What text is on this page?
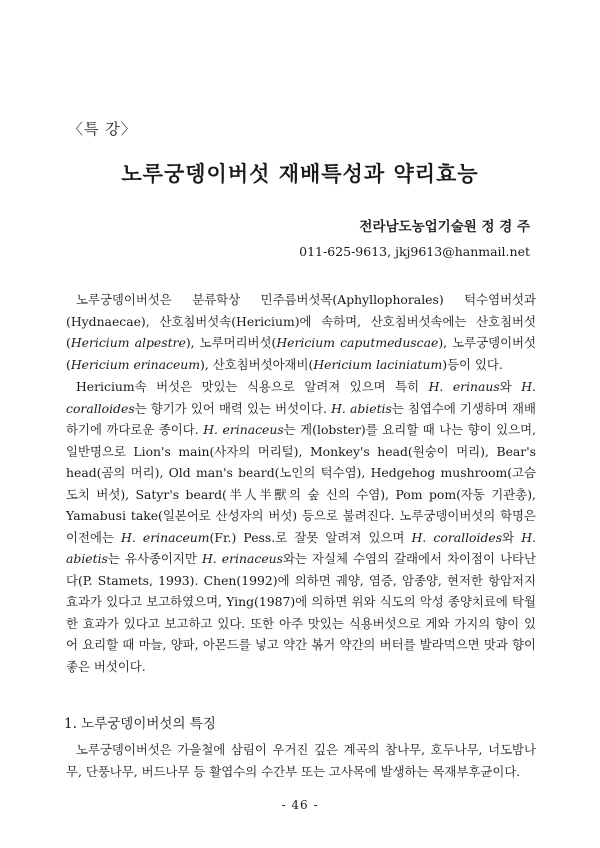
〈특 강〉
노루궁뎅이버섯 재배특성과 약리효능
전라남도농업기술원 정 경 주
011-625-9613, jkj9613@hanmail.net

노루궁뎅이버섯은 분류학상 민주름버섯목(Aphyllophorales) 턱수염버섯과(Hydnaecae), 산호침버섯속(Hericium)에 속하며, 산호침버섯속에는 산호침버섯(Hericium alpestre), 노루머리버섯(Hericium caputmeduscae), 노루궁뎅이버섯(Hericium erinaceum), 산호침버섯아재비(Hericium laciniatum)등이 있다.

Hericium속 버섯은 맛있는 식용으로 알려져 있으며 특히 H. erinaus와 H. coralloides는 향기가 있어 매력 있는 버섯이다. H. abietis는 침엽수에 기생하며 재배하기에 까다로운 종이다. H. erinaceus는 게(lobster)를 요리할 때 나는 향이 있으며, 일반명으로 Lion's main(사자의 머리털), Monkey's head(원숭이 머리), Bear's head(곰의 머리), Old man's beard(노인의 턱수염), Hedgehog mushroom(고슴도치 버섯), Satyr's beard(半人半獸의 숲 신의 수염), Pom pom(자동 기관총), Yamabusi take(일본어로 산성자의 버섯) 등으로 불려진다. 노루궁뎅이버섯의 학명은 이전에는 H. erinaceum(Fr.) Pess.로 잘못 알려져 있으며 H. coralloides와 H. abietis는 유사종이지만 H. erinaceus와는 자실체 수염의 갈래에서 차이점이 나타난다(P. Stamets, 1993). Chen(1992)에 의하면 궤양, 염증, 암종양, 현저한 항암저지 효과가 있다고 보고하였으며, Ying(1987)에 의하면 위와 식도의 악성 종양치료에 탁월한 효과가 있다고 보고하고 있다. 또한 아주 맛있는 식용버섯으로 게와 가지의 향이 있어 요리할 때 마늘, 양파, 아몬드를 넣고 약간 볶거 약간의 버터를 발라먹으면 맛과 향이 좋은 버섯이다.

1. 노루궁뎅이버섯의 특징

노루궁뎅이버섯은 가을철에 삼림이 우거진 깊은 계곡의 참나무, 호두나무, 너도밤나무, 단풍나무, 버드나무 등 활엽수의 수간부 또는 고사목에 발생하는 목재부후균이다.

- 46 -
